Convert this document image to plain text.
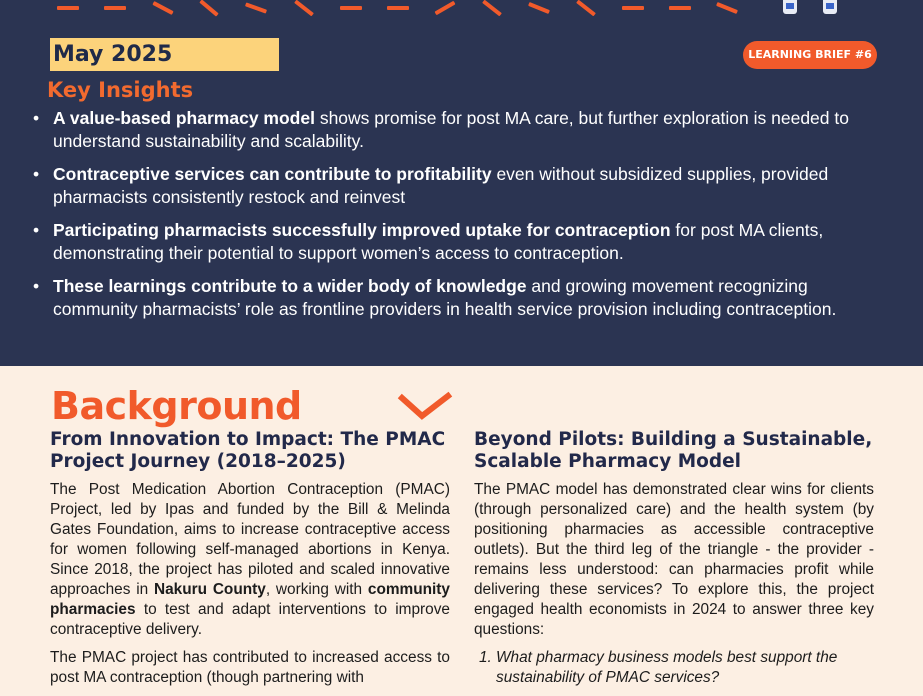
May 2025	LEARNING BRIEF #6
Key Insights
• A value-based pharmacy model shows promise for post MA care, but further exploration is needed to understand sustainability and scalability.
• Contraceptive services can contribute to profitability even without subsidized supplies, provided pharmacists consistently restock and reinvest
• Participating pharmacists successfully improved uptake for contraception for post MA clients, demonstrating their potential to support women’s access to contraception.
• These learnings contribute to a wider body of knowledge and growing movement recognizing community pharmacists’ role as frontline providers in health service provision including contraception.
Background
From Innovation to Impact: The PMAC Project Journey (2018–2025)

The Post Medication Abortion Contraception (PMAC) Project, led by Ipas and funded by the Bill & Melinda Gates Foundation, aims to increase contraceptive access for women following self-managed abortions in Kenya. Since 2018, the project has piloted and scaled innovative approaches in Nakuru County, working with community pharmacies to test and adapt interventions to improve contraceptive delivery.

The PMAC project has contributed to increased access to post MA contraception (though partnering with

Beyond Pilots: Building a Sustainable, Scalable Pharmacy Model

The PMAC model has demonstrated clear wins for clients (through personalized care) and the health system (by positioning pharmacies as accessible contraceptive outlets). But the third leg of the triangle - the provider - remains less understood: can pharmacies profit while delivering these services? To explore this, the project engaged health economists in 2024 to answer three key questions:

1. What pharmacy business models best support the sustainability of PMAC services?
